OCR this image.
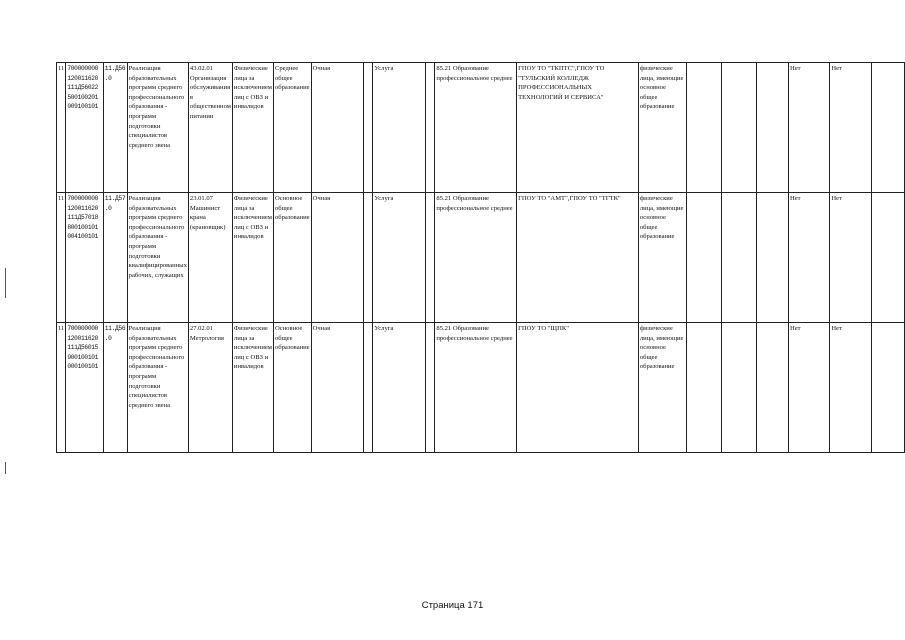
11	700000000 120011620 111Д56022 500100201 009100101	11.Д56 .0	Реализация образовательных программ среднего профессионального образования - программ подготовки специалистов среднего звена	43.02.01 Организация обслуживания в общественном питании	Физические лица за исключением лиц с ОВЗ и инвалидов	Среднее общее образование	Очная		Услуга		85.21 Образование профессиональное среднее	ГПОУ ТО "ТКПТС",ГПОУ ТО "ТУЛЬСКИЙ КОЛЛЕДЖ ПРОФЕССИОНАЛЬНЫХ ТЕХНОЛОГИЙ И СЕРВИСА"	физические лица, имеющие основное общее образование				Нет	Нет	
11	700000000 120011620 111Д57018 800100101 004100101	11.Д57 .0	Реализация образовательных программ среднего профессионального образования - программ подготовки квалифицированных рабочих, служащих	23.01.07 Машинист крана (крановщик)	Физические лица за исключением лиц с ОВЗ и инвалидов	Основное общее образование	Очная		Услуга		85.21 Образование профессиональное среднее	ГПОУ ТО "АМТ",ГПОУ ТО "ТГТК"	физические лица, имеющие основное общее образование				Нет	Нет	
11	700000000 120011620 111Д56015 900100101 000100101	11.Д56 .0	Реализация образовательных программ среднего профессионального образования - программ подготовки специалистов среднего звена	27.02.01 Метрология	Физические лица за исключением лиц с ОВЗ и инвалидов	Основное общее образование	Очная		Услуга		85.21 Образование профессиональное среднее	ГПОУ ТО "ЩПК"	физические лица, имеющие основное общее образование				Нет	Нет	
Страница 171
